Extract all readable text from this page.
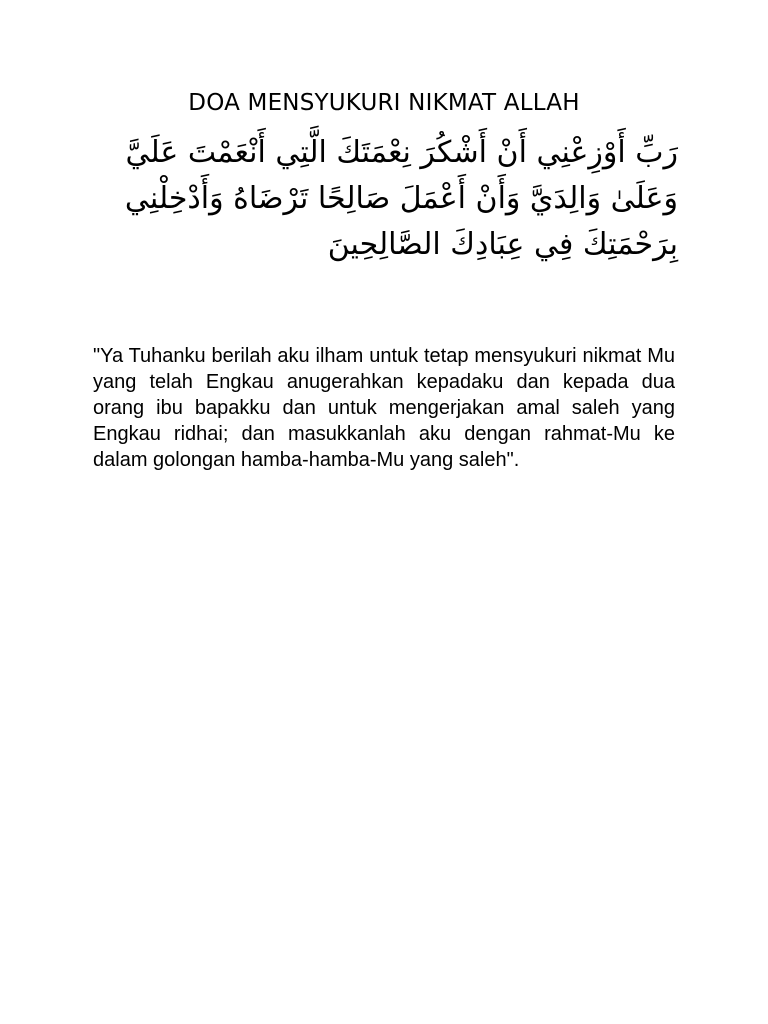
DOA MENSYUKURI NIKMAT ALLAH

رَبِّ أَوْزِعْنِي أَنْ أَشْكُرَ نِعْمَتَكَ الَّتِي أَنْعَمْتَ عَلَيَّ وَعَلَىٰ وَالِدَيَّ وَأَنْ أَعْمَلَ صَالِحًا تَرْضَاهُ وَأَدْخِلْنِي بِرَحْمَتِكَ فِي عِبَادِكَ الصَّالِحِينَ

"Ya Tuhanku berilah aku ilham untuk tetap mensyukuri nikmat Mu yang telah Engkau anugerahkan kepadaku dan kepada dua orang ibu bapakku dan untuk mengerjakan amal saleh yang Engkau ridhai; dan masukkanlah aku dengan rahmat-Mu ke dalam golongan hamba-hamba-Mu yang saleh".
